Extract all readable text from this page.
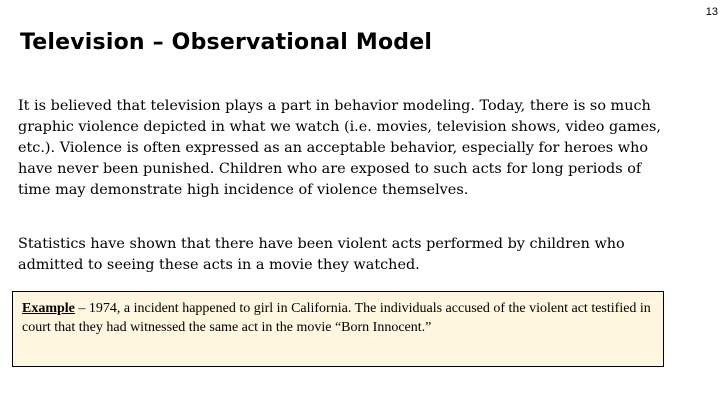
13
Television – Observational Model

It is believed that television plays a part in behavior modeling. Today, there is so much graphic violence depicted in what we watch (i.e. movies, television shows, video games, etc.). Violence is often expressed as an acceptable behavior, especially for heroes who have never been punished. Children who are exposed to such acts for long periods of time may demonstrate high incidence of violence themselves.

Statistics have shown that there have been violent acts performed by children who admitted to seeing these acts in a movie they watched.

Example – 1974, a incident happened to girl in California. The individuals accused of the violent act testified in court that they had witnessed the same act in the movie “Born Innocent.”
